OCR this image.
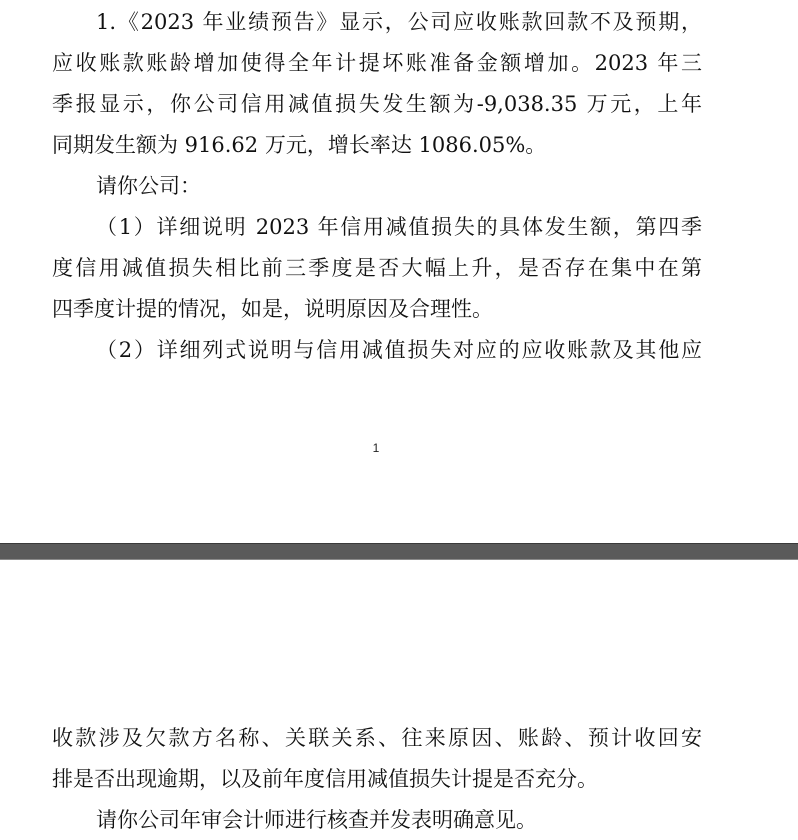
1.《2023 年业绩预告》显示，公司应收账款回款不及预期，
应收账款账龄增加使得全年计提坏账准备金额增加。2023 年三
季报显示，你公司信用减值损失发生额为-9,038.35 万元，上年
同期发生额为 916.62 万元，增长率达 1086.05%。
请你公司：
（1）详细说明 2023 年信用减值损失的具体发生额，第四季
度信用减值损失相比前三季度是否大幅上升，是否存在集中在第
四季度计提的情况，如是，说明原因及合理性。
（2）详细列式说明与信用减值损失对应的应收账款及其他应
1
收款涉及欠款方名称、关联关系、往来原因、账龄、预计收回安
排是否出现逾期，以及前年度信用减值损失计提是否充分。
请你公司年审会计师进行核查并发表明确意见。
